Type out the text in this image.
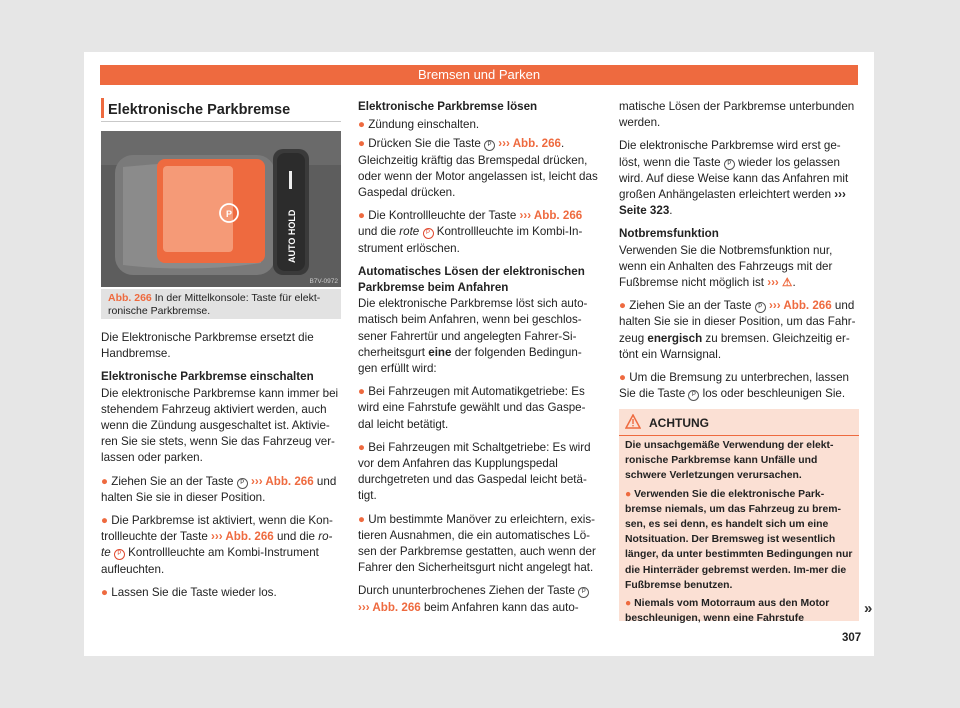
Bremsen und Parken
Elektronische Parkbremse
P	AUTO HOLD
B7V-0972
Abb. 266 In der Mittelkonsole: Taste für elekt-ronische Parkbremse.

Die Elektronische Parkbremse ersetzt die Handbremse.

Elektronische Parkbremse einschalten

Die elektronische Parkbremse kann immer bei stehendem Fahrzeug aktiviert werden, auch wenn die Zündung ausgeschaltet ist. Aktivie-ren Sie sie stets, wenn Sie das Fahrzeug ver-lassen oder parken.

● Ziehen Sie an der Taste P ››› Abb. 266 und halten Sie sie in dieser Position.

● Die Parkbremse ist aktiviert, wenn die Kon-trollleuchte der Taste ››› Abb. 266 und die ro-te P Kontrollleuchte am Kombi-Instrument aufleuchten.

● Lassen Sie die Taste wieder los.

Elektronische Parkbremse lösen

● Zündung einschalten.

● Drücken Sie die Taste P ››› Abb. 266. Gleichzeitig kräftig das Bremspedal drücken, oder wenn der Motor angelassen ist, leicht das Gaspedal drücken.

● Die Kontrollleuchte der Taste ››› Abb. 266 und die rote P Kontrollleuchte im Kombi-In-strument erlöschen.

Automatisches Lösen der elektronischen Parkbremse beim Anfahren

Die elektronische Parkbremse löst sich auto-matisch beim Anfahren, wenn bei geschlos-sener Fahrertür und angelegten Fahrer-Si-cherheitsgurt eine der folgenden Bedingun-gen erfüllt wird:

● Bei Fahrzeugen mit Automatikgetriebe: Es wird eine Fahrstufe gewählt und das Gaspe-dal leicht betätigt.

● Bei Fahrzeugen mit Schaltgetriebe: Es wird vor dem Anfahren das Kupplungspedal durchgetreten und das Gaspedal leicht betä-tigt.

● Um bestimmte Manöver zu erleichtern, exis-tieren Ausnahmen, die ein automatisches Lö-sen der Parkbremse gestatten, auch wenn der Fahrer den Sicherheitsgurt nicht angelegt hat.

Durch ununterbrochenes Ziehen der Taste P ››› Abb. 266 beim Anfahren kann das auto-

matische Lösen der Parkbremse unterbunden werden.

Die elektronische Parkbremse wird erst ge-löst, wenn die Taste P wieder los gelassen wird. Auf diese Weise kann das Anfahren mit großen Anhängelasten erleichtert werden ››› Seite 323.

Notbremsfunktion

Verwenden Sie die Notbremsfunktion nur, wenn ein Anhalten des Fahrzeugs mit der Fußbremse nicht möglich ist ››› ⚠.

● Ziehen Sie an der Taste P ››› Abb. 266 und halten Sie sie in dieser Position, um das Fahr-zeug energisch zu bremsen. Gleichzeitig er-tönt ein Warnsignal.

● Um die Bremsung zu unterbrechen, lassen Sie die Taste P los oder beschleunigen Sie.

ACHTUNG

Die unsachgemäße Verwendung der elekt-ronische Parkbremse kann Unfälle und schwere Verletzungen verursachen.

● Verwenden Sie die elektronische Park-bremse niemals, um das Fahrzeug zu brem-sen, es sei denn, es handelt sich um eine Notsituation. Der Bremsweg ist wesentlich länger, da unter bestimmten Bedingungen nur die Hinterräder gebremst werden. Im-mer die Fußbremse benutzen.

● Niemals vom Motorraum aus den Motor beschleunigen, wenn eine Fahrstufe

»
307
